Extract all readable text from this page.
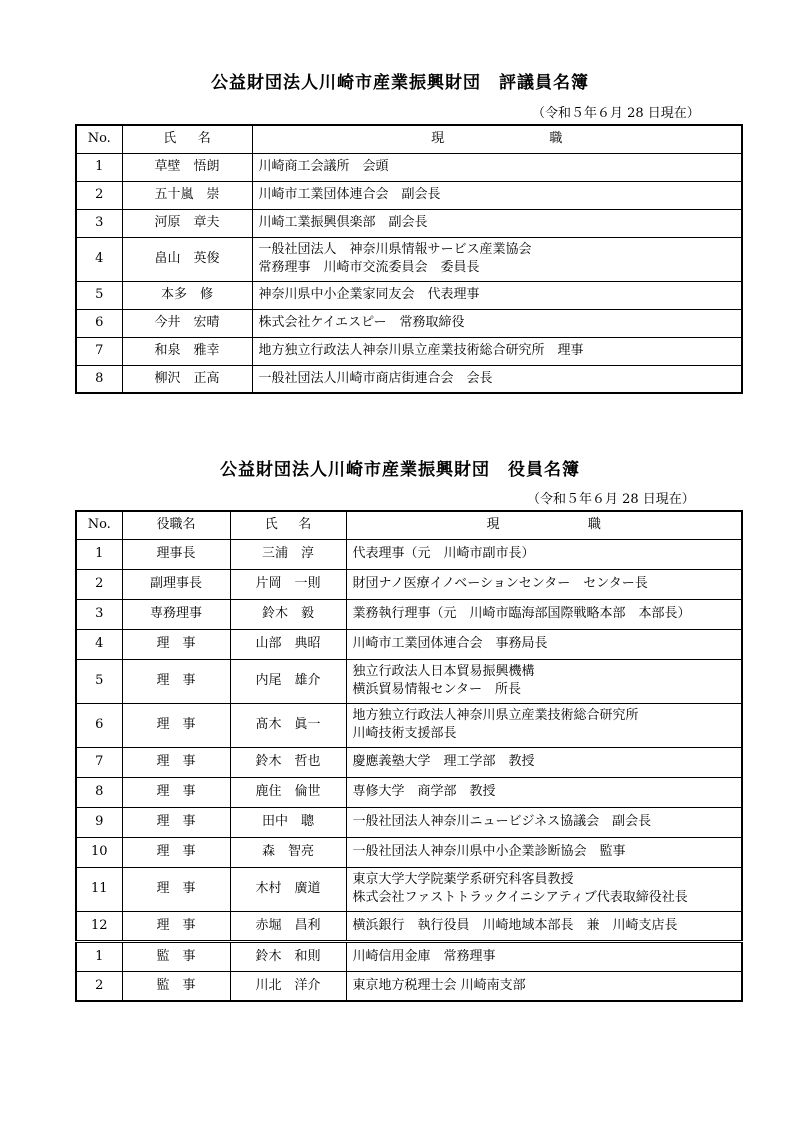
公益財団法人川崎市産業振興財団　評議員名簿
（令和５年６月 28 日現在）
No.	氏 名	現 職

1	草壁　悟朗	川崎商工会議所　会頭

2	五十嵐　崇	川崎市工業団体連合会　副会長

3	河原　章夫	川崎工業振興倶楽部　副会長

4	畠山　英俊	一般社団法人　神奈川県情報サービス産業協会
常務理事　川崎市交流委員会　委員長

5	本多　修	神奈川県中小企業家同友会　代表理事

6	今井　宏晴	株式会社ケイエスピー　常務取締役

7	和泉　雅幸	地方独立行政法人神奈川県立産業技術総合研究所　理事

8	柳沢　正高	一般社団法人川崎市商店街連合会　会長
公益財団法人川崎市産業振興財団　役員名簿
（令和５年６月 28 日現在）
No.	役職名	氏 名	現 職

1	理事長	三浦　淳	代表理事（元　川崎市副市長）

2	副理事長	片岡　一則	財団ナノ医療イノベーションセンター　センター長

3	専務理事	鈴木　毅	業務執行理事（元　川崎市臨海部国際戦略本部　本部長）

4	理　事	山部　典昭	川崎市工業団体連合会　事務局長

5	理　事	内尾　雄介	独立行政法人日本貿易振興機構
横浜貿易情報センター　所長

6	理　事	髙木　眞一	地方独立行政法人神奈川県立産業技術総合研究所
川崎技術支援部長

7	理　事	鈴木　哲也	慶應義塾大学　理工学部　教授

8	理　事	鹿住　倫世	専修大学　商学部　教授

9	理　事	田中　聰	一般社団法人神奈川ニュービジネス協議会　副会長

10	理　事	森　智亮	一般社団法人神奈川県中小企業診断協会　監事

11	理　事	木村　廣道	東京大学大学院薬学系研究科客員教授
株式会社ファストトラックイニシアティブ代表取締役社長

12	理　事	赤堀　昌利	横浜銀行　執行役員　川崎地域本部長　兼　川崎支店長

1	監　事	鈴木　和則	川崎信用金庫　常務理事

2	監　事	川北　洋介	東京地方税理士会 川崎南支部
